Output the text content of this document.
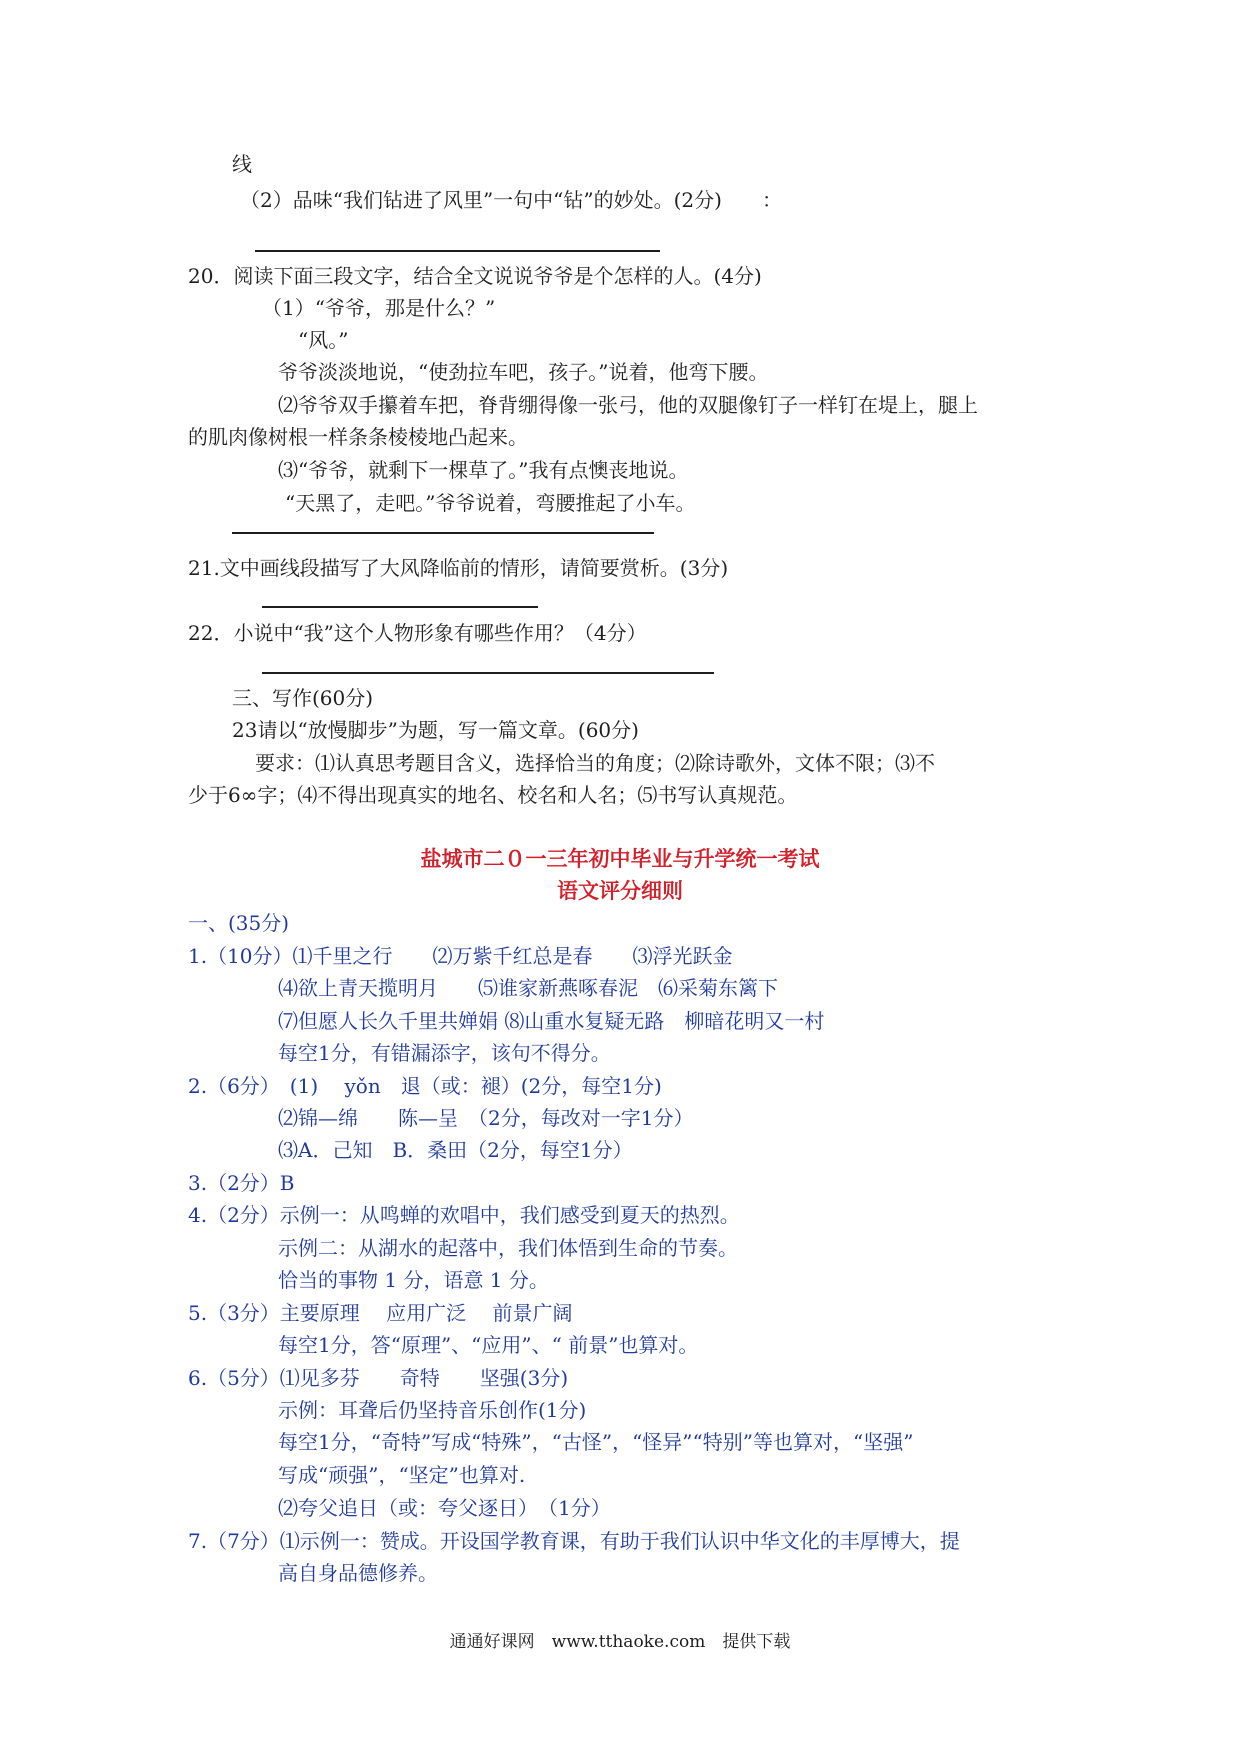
线
（2）品味“我们钻进了风里”一句中“钻”的妙处。(2分)　　：
20．阅读下面三段文字，结合全文说说爷爷是个怎样的人。(4分)
（1）“爷爷，那是什么？”
“风。”
爷爷淡淡地说，“使劲拉车吧，孩子。”说着，他弯下腰。
⑵爷爷双手攥着车把，脊背绷得像一张弓，他的双腿像钉子一样钉在堤上，腿上
的肌肉像树根一样条条棱棱地凸起来。
⑶“爷爷，就剩下一棵草了。”我有点懊丧地说。
“天黑了，走吧。”爷爷说着，弯腰推起了小车。
21.文中画线段描写了大风降临前的情形，请简要赏析。(3分)
22．小说中“我”这个人物形象有哪些作用？（4分）
三、写作(60分)
23请以“放慢脚步”为题，写一篇文章。(60分)
要求：⑴认真思考题目含义，选择恰当的角度；⑵除诗歌外，文体不限；⑶不
少于6∞字；⑷不得出现真实的地名、校名和人名；⑸书写认真规范。
盐城市二０一三年初中毕业与升学统一考试
语文评分细则
一、(35分)
1.（10分）⑴千里之行　　⑵万紫千红总是春　　⑶浮光跃金
⑷欲上青天揽明月　　⑸谁家新燕啄春泥　⑹采菊东篱下
⑺但愿人长久千里共婵娟 ⑻山重水复疑无路　柳暗花明又一村
每空1分，有错漏添字，该句不得分。
2.（6分）　(1)　 yǒn　退（或：褪）(2分，每空1分)
⑵锦—绵　　陈—呈　（2分，每改对一字1分）
⑶A．己知　B．桑田（2分，每空1分）
3.（2分）B
4.（2分）示例一：从鸣蝉的欢唱中，我们感受到夏天的热烈。
示例二：从湖水的起落中，我们体悟到生命的节奏。
恰当的事物 1 分，语意 1 分。
5.（3分）主要原理　 应用广泛　 前景广阔
每空1分，答“原理”、“应用”、“ 前景”也算对。
6.（5分）⑴见多芬　　奇特　　坚强(3分)
示例：耳聋后仍坚持音乐创作(1分)
每空1分，“奇特”写成“特殊”，“古怪”，“怪异”“特别”等也算对，“坚强”
写成“顽强”，“坚定”也算对.
⑵夸父追日（或：夸父逐日）　（1分）
7.（7分）⑴示例一：赞成。开设国学教育课，有助于我们认识中华文化的丰厚博大，提
高自身品德修养。
通通好课网　www.tthaoke.com　提供下载
